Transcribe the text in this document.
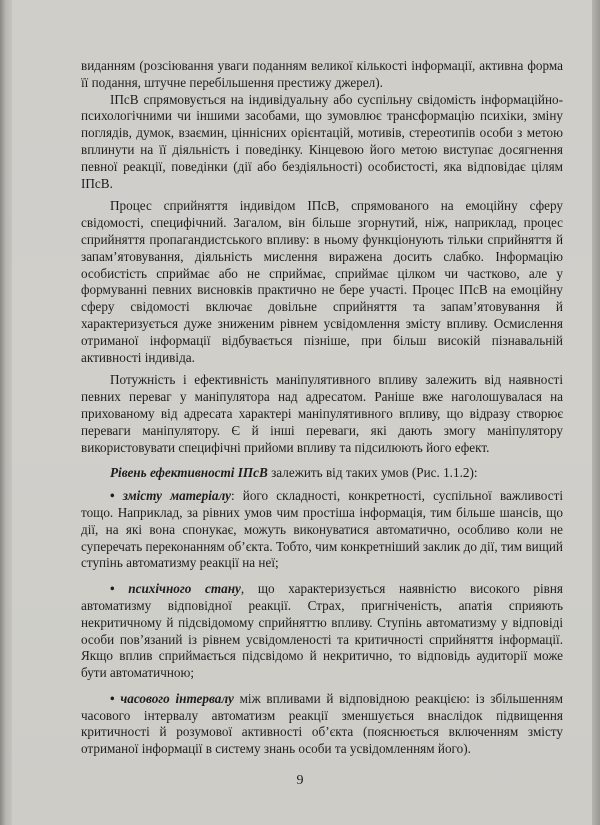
виданням (розсіювання уваги поданням великої кількості інформації, активна форма її подання, штучне перебільшення престижу джерел).

ІПсВ спрямовується на індивідуальну або суспільну свідомість інформаційно-психологічними чи іншими засобами, що зумовлює трансформацію психіки, зміну поглядів, думок, взаємин, ціннісних орієнтацій, мотивів, стереотипів особи з метою вплинути на її діяльність і поведінку. Кінцевою його метою виступає досягнення певної реакції, поведінки (дії або бездіяльності) особистості, яка відповідає цілям ІПсВ.

Процес сприйняття індивідом ІПсВ, спрямованого на емоційну сферу свідомості, специфічний. Загалом, він більше згорнутий, ніж, наприклад, процес сприйняття пропагандистського впливу: в ньому функціонують тільки сприйняття й запам’ятовування, діяльність мислення виражена досить слабко. Інформацію особистість сприймає або не сприймає, сприймає цілком чи частково, але у формуванні певних висновків практично не бере участі. Процес ІПсВ на емоційну сферу свідомості включає довільне сприйняття та запам’ятовування й характеризується дуже зниженим рівнем усвідомлення змісту впливу. Осмислення отриманої інформації відбувається пізніше, при більш високій пізнавальній активності індивіда.

Потужність і ефективність маніпулятивного впливу залежить від наявності певних переваг у маніпулятора над адресатом. Раніше вже наголошувалася на прихованому від адресата характері маніпулятивного впливу, що відразу створює переваги маніпулятору. Є й інші переваги, які дають змогу маніпулятору використовувати специфічні прийоми впливу та підсилюють його ефект.

Рівень ефективності ІПсВ залежить від таких умов (Рис. 1.1.2):

• змісту матеріалу: його складності, конкретності, суспільної важливості тощо. Наприклад, за рівних умов чим простіша інформація, тим більше шансів, що дії, на які вона спонукає, можуть виконуватися автоматично, особливо коли не суперечать переконанням об’єкта. Тобто, чим конкретніший заклик до дії, тим вищий ступінь автоматизму реакції на неї;

• психічного стану, що характеризується наявністю високого рівня автоматизму відповідної реакції. Страх, пригніченість, апатія сприяють некритичному й підсвідомому сприйняттю впливу. Ступінь автоматизму у відповіді особи пов’язаний із рівнем усвідомленості та критичності сприйняття інформації. Якщо вплив сприймається підсвідомо й некритично, то відповідь аудиторії може бути автоматичною;

• часового інтервалу між впливами й відповідною реакцією: із збільшенням часового інтервалу автоматизм реакції зменшується внаслідок підвищення критичності й розумової активності об’єкта (пояснюється включенням змісту отриманої інформації в систему знань особи та усвідомленням його).

9
